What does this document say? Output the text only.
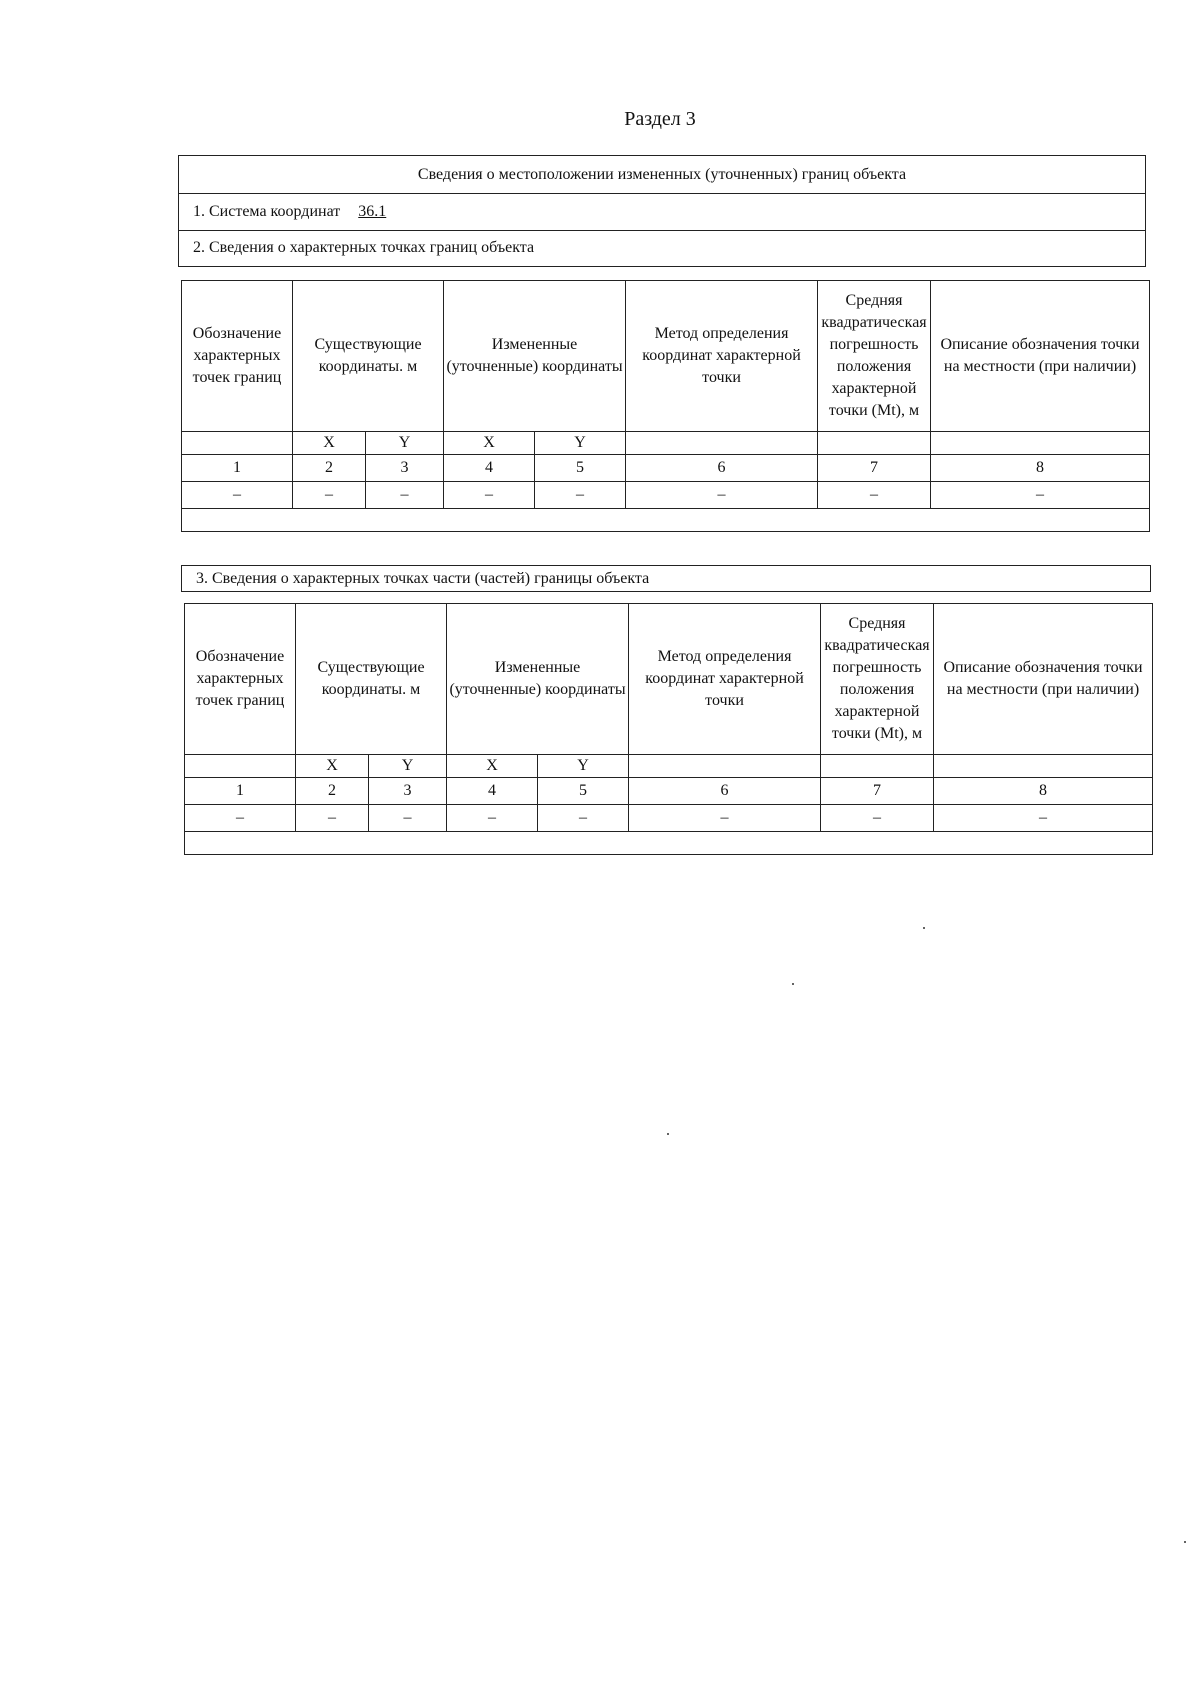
Раздел 3
Сведения о местоположении измененных (уточненных) границ объекта
1. Система координат 36.1
2. Сведения о характерных точках границ объекта
Обозначение характерных точек границ	Существующие координаты. м		Измененные (уточненные) координаты		Метод определения координат характерной точки	Средняя квадратическая погрешность положения характерной точки (Mt), м	Описание обозначения точки на местности (при наличии)
	X	Y	X	Y			
1	2	3	4	5	6	7	8
–	–	–	–	–	–	–	–

3. Сведения о характерных точках части (частей) границы объекта
Обозначение характерных точек границ	Существующие координаты. м		Измененные (уточненные) координаты		Метод определения координат характерной точки	Средняя квадратическая погрешность положения характерной точки (Mt), м	Описание обозначения точки на местности (при наличии)
	X	Y	X	Y			
1	2	3	4	5	6	7	8
–	–	–	–	–	–	–	–
